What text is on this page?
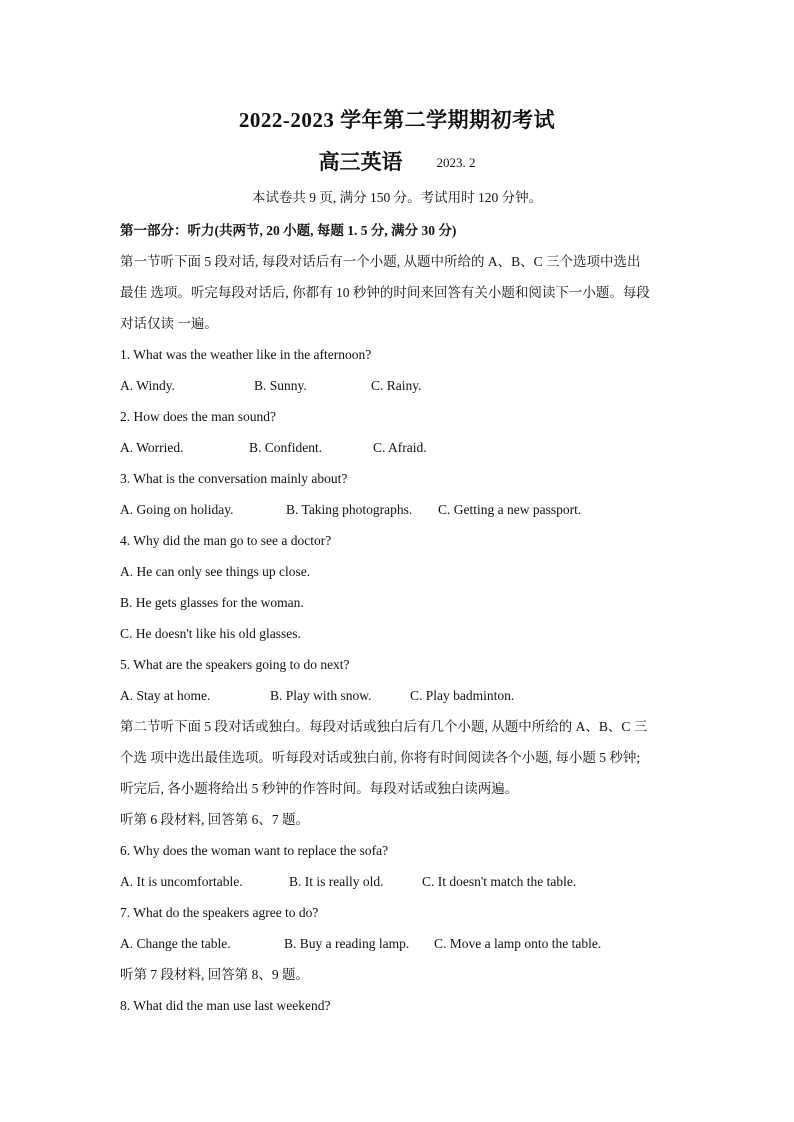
2022-2023 学年第二学期期初考试
高三英语	2023. 2
本试卷共 9 页, 满分 150 分。考试用时 120 分钟。
第一部分：听力(共两节, 20 小题, 每题 1. 5 分, 满分 30 分)
第一节听下面 5 段对话, 每段对话后有一个小题, 从题中所给的 A、B、C 三个选项中选出
最佳 选项。听完每段对话后, 你都有 10 秒钟的时间来回答有关小题和阅读下一小题。每段
对话仅读 一遍。
1. What was the weather like in the afternoon?
A. Windy.	B. Sunny.	C. Rainy.
2. How does the man sound?
A. Worried.	B. Confident.	C. Afraid.
3. What is the conversation mainly about?
A. Going on holiday.	B. Taking photographs.	C. Getting a new passport.
4. Why did the man go to see a doctor?
A. He can only see things up close.
B. He gets glasses for the woman.
C. He doesn't like his old glasses.
5. What are the speakers going to do next?
A. Stay at home.	B. Play with snow.	C. Play badminton.
第二节听下面 5 段对话或独白。每段对话或独白后有几个小题, 从题中所给的 A、B、C 三
个选 项中选出最佳选项。听每段对话或独白前, 你将有时间阅读各个小题, 每小题 5 秒钟;
听完后, 各小题将给出 5 秒钟的作答时间。每段对话或独白读两遍。
听第 6 段材料, 回答第 6、7 题。
6. Why does the woman want to replace the sofa?
A. It is uncomfortable.	B. It is really old.	C. It doesn't match the table.
7. What do the speakers agree to do?
A. Change the table.	B. Buy a reading lamp.	C. Move a lamp onto the table.
听第 7 段材料, 回答第 8、9 题。
8. What did the man use last weekend?
